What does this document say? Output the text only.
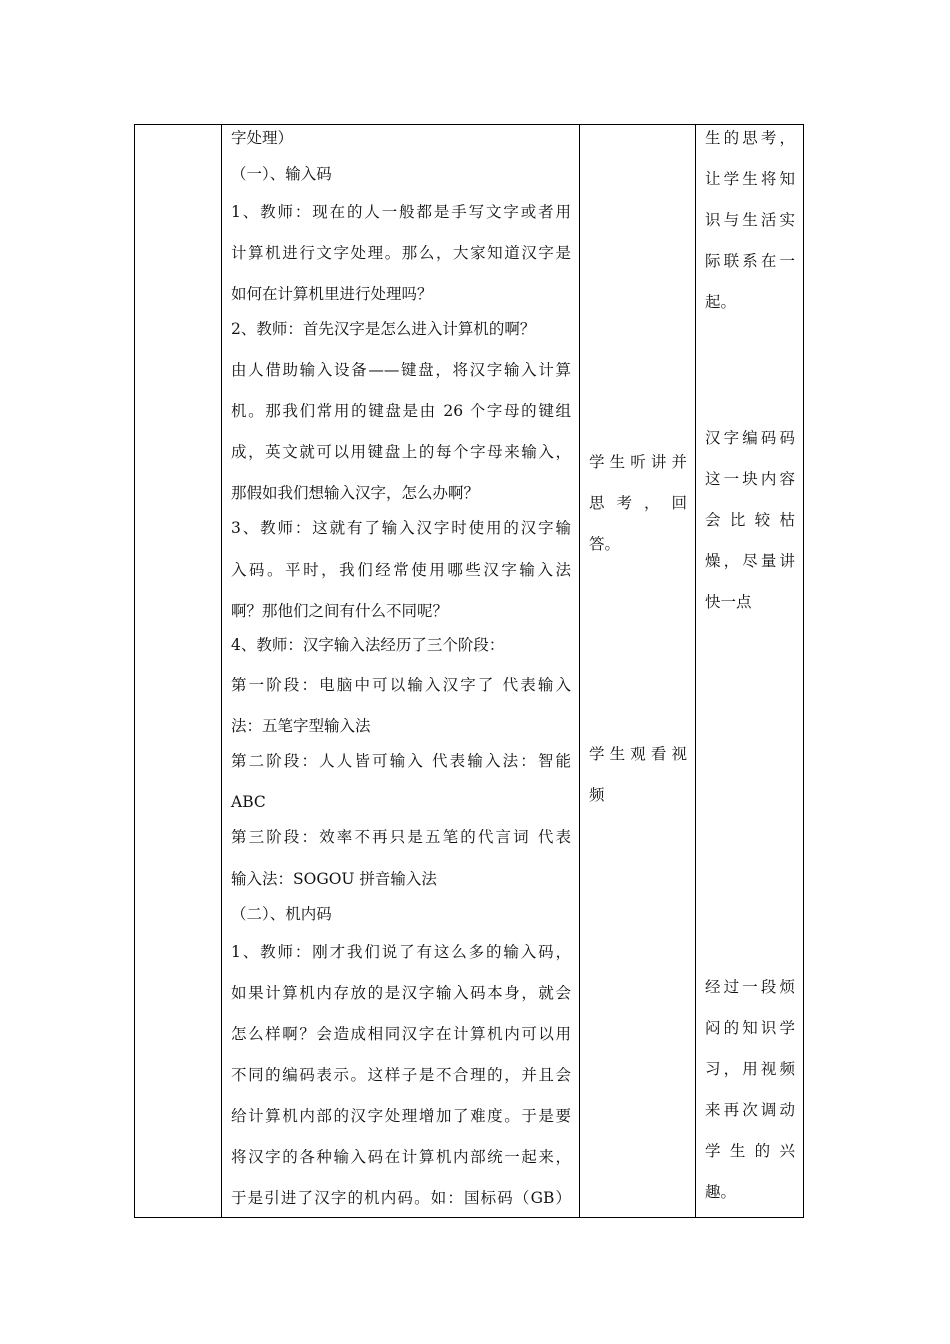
字处理）
（一）、输入码
1、教师：现在的人一般都是手写文字或者用
计算机进行文字处理。那么，大家知道汉字是
如何在计算机里进行处理吗？
2、教师：首先汉字是怎么进入计算机的啊？
由人借助输入设备——键盘，将汉字输入计算
机。那我们常用的键盘是由 26 个字母的键组
成，英文就可以用键盘上的每个字母来输入，
那假如我们想输入汉字，怎么办啊？
3、教师：这就有了输入汉字时使用的汉字输
入码。平时，我们经常使用哪些汉字输入法
啊？那他们之间有什么不同呢？
4、教师：汉字输入法经历了三个阶段：
第一阶段：电脑中可以输入汉字了 代表输入
法：五笔字型输入法
第二阶段：人人皆可输入 代表输入法：智能
ABC
第三阶段：效率不再只是五笔的代言词 代表
输入法：SOGOU 拼音输入法
（二）、机内码
1、教师：刚才我们说了有这么多的输入码，
如果计算机内存放的是汉字输入码本身，就会
怎么样啊？会造成相同汉字在计算机内可以用
不同的编码表示。这样子是不合理的，并且会
给计算机内部的汉字处理增加了难度。于是要
将汉字的各种输入码在计算机内部统一起来，
于是引进了汉字的机内码。如：国标码（GB）
学生听讲并
思考，回
答。
学生观看视
频
生的思考，
让学生将知
识与生活实
际联系在一
起。
汉字编码码
这一块内容
会比较枯
燥，尽量讲
快一点
经过一段烦
闷的知识学
习，用视频
来再次调动
学生的兴
趣。
